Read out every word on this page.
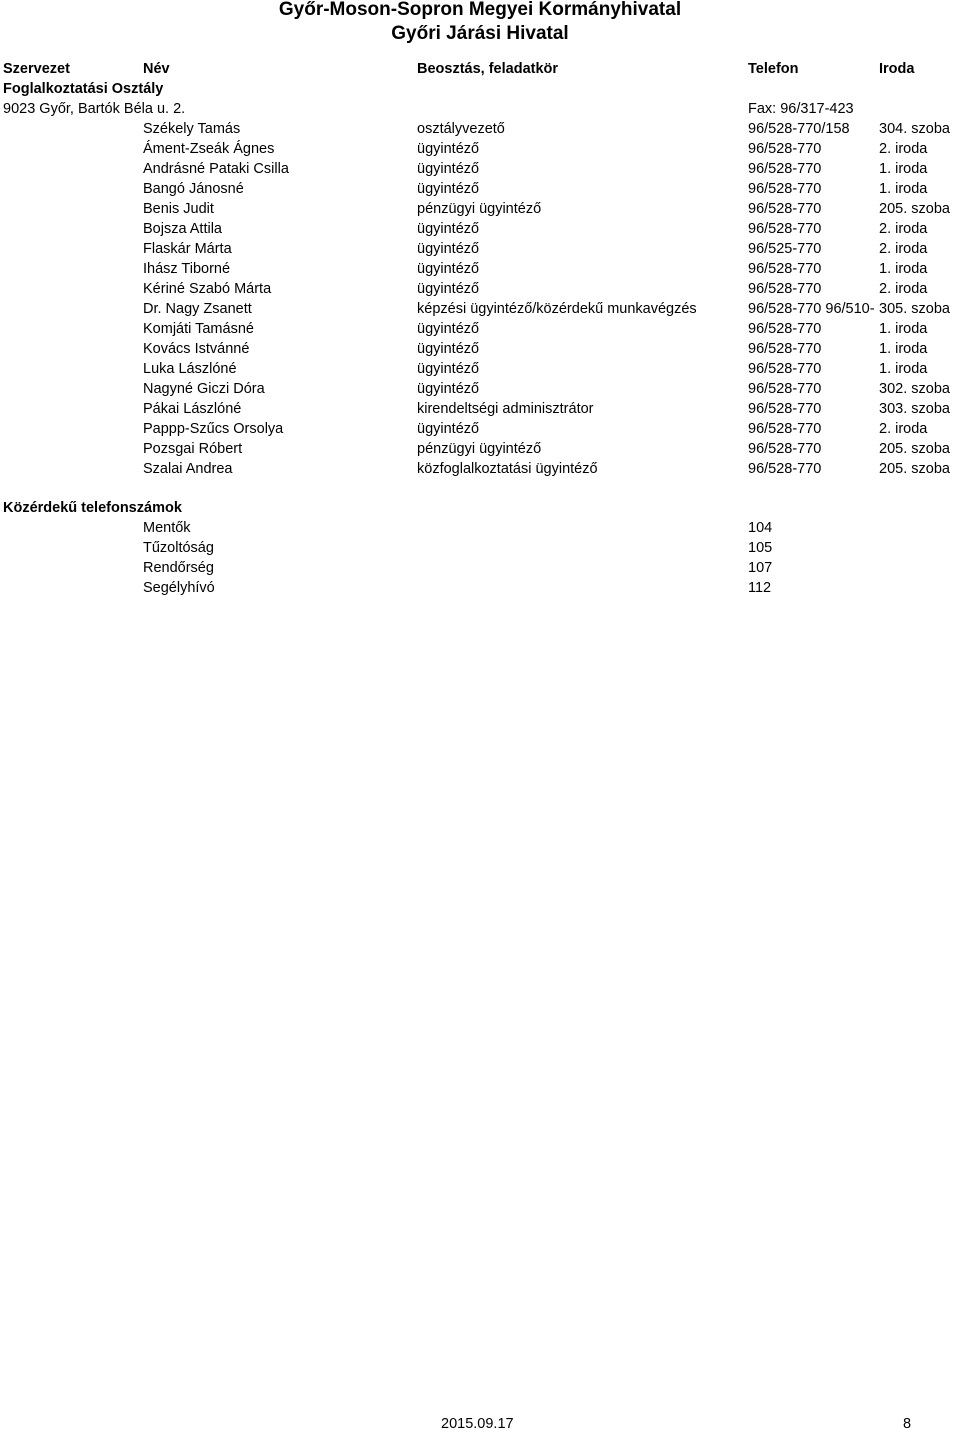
Győr-Moson-Sopron Megyei Kormányhivatal
Győri Járási Hivatal
Szervezet	Név	Beosztás, feladatkör	Telefon	Iroda
Foglalkoztatási Osztály
9023 Győr, Bartók Béla u. 2.	Fax: 96/317-423
Székely Tamás	osztályvezető	96/528-770/158	304. szoba
Áment-Zseák Ágnes	ügyintéző	96/528-770	2. iroda
Andrásné Pataki Csilla	ügyintéző	96/528-770	1. iroda
Bangó Jánosné	ügyintéző	96/528-770	1. iroda
Benis Judit	pénzügyi ügyintéző	96/528-770	205. szoba
Bojsza Attila	ügyintéző	96/528-770	2. iroda
Flaskár Márta	ügyintéző	96/525-770	2. iroda
Ihász Tiborné	ügyintéző	96/528-770	1. iroda
Kériné Szabó Márta	ügyintéző	96/528-770	2. iroda
Dr. Nagy Zsanett	képzési ügyintéző/közérdekű munkavégzés	96/528-770 96/510- 305. szoba
Komjáti Tamásné	ügyintéző	96/528-770	1. iroda
Kovács Istvánné	ügyintéző	96/528-770	1. iroda
Luka Lászlóné	ügyintéző	96/528-770	1. iroda
Nagyné Giczi Dóra	ügyintéző	96/528-770	302. szoba
Pákai Lászlóné	kirendeltségi adminisztrátor	96/528-770	303. szoba
Pappp-Szűcs Orsolya	ügyintéző	96/528-770	2. iroda
Pozsgai Róbert	pénzügyi ügyintéző	96/528-770	205. szoba
Szalai Andrea	közfoglalkoztatási ügyintéző	96/528-770	205. szoba
Közérdekű telefonszámok
Mentők	104
Tűzoltóság	105
Rendőrség	107
Segélyhívó	112
2015.09.17	8
